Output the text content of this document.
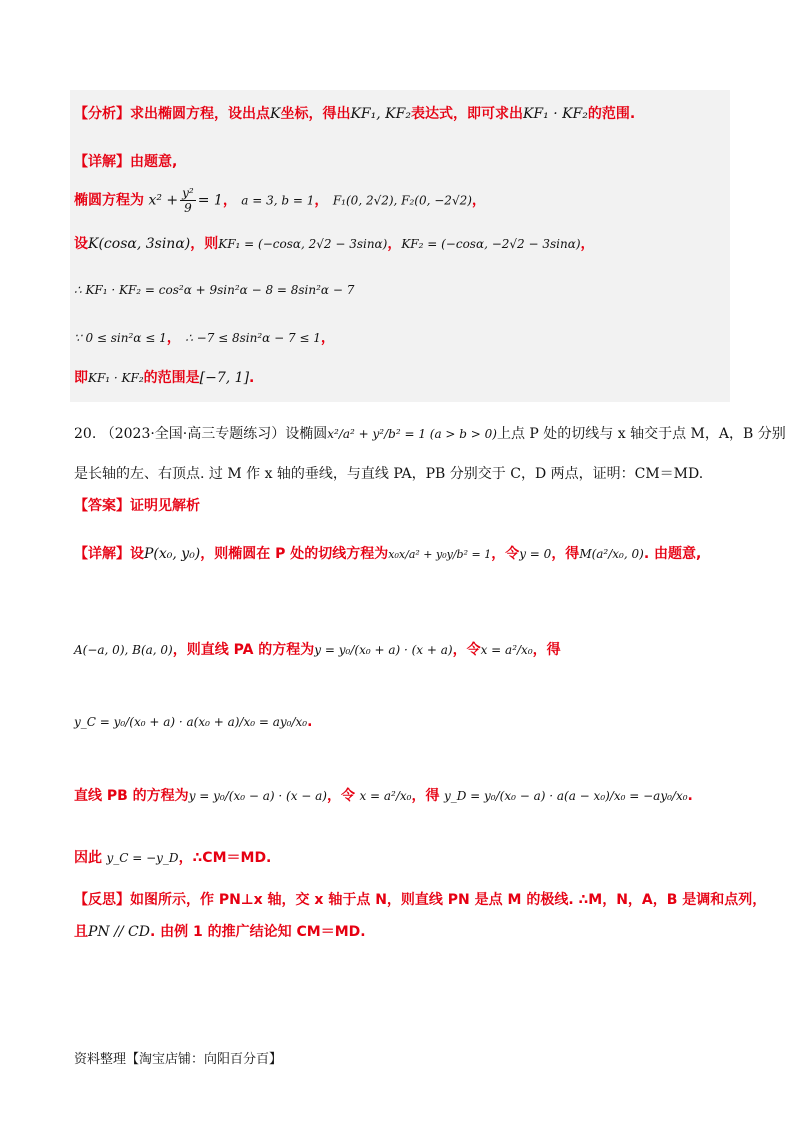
【分析】求出椭圆方程，设出点K坐标，得出KF₁, KF₂表达式，即可求出KF₁ · KF₂的范围.
【详解】由题意,
椭圆方程为 $x^2 + \frac{\text{y²}}{9} = 1$， a = 3, b = 1， F₁(0, 2√2), F₂(0, −2√2)，
设K(cosα, 3sinα)，则KF₁ = (−cosα, 2√2 − 3sinα)，KF₂ = (−cosα, −2√2 − 3sinα)，
∴ KF₁ · KF₂ = cos²α + 9sin²α − 8 = 8sin²α − 7
∵ 0 ≤ sin²α ≤ 1， ∴ −7 ≤ 8sin²α − 7 ≤ 1，
即KF₁ · KF₂的范围是[−7, 1].
20. （2023·全国·高三专题练习）设椭圆x²/a² + y²/b² = 1 (a > b > 0)上点 P 处的切线与 x 轴交于点 M，A，B 分别
是长轴的左、右顶点. 过 M 作 x 轴的垂线，与直线 PA，PB 分别交于 C，D 两点，证明：CM＝MD.
【答案】证明见解析
【详解】设P(x₀, y₀)，则椭圆在 P 处的切线方程为x₀x/a² + y₀y/b² = 1，令y = 0，得M(a²/x₀, 0). 由题意,
A(−a, 0), B(a, 0)，则直线 PA 的方程为y = y₀/(x₀ + a) · (x + a)，令x = a²/x₀，得
y_C = y₀/(x₀ + a) · a(x₀ + a)/x₀ = ay₀/x₀.
直线 PB 的方程为y = y₀/(x₀ − a) · (x − a)，令 x = a²/x₀，得 y_D = y₀/(x₀ − a) · a(a − x₀)/x₀ = −ay₀/x₀.
因此 y_C = −y_D，∴CM＝MD.
【反思】如图所示，作 PN⊥x 轴，交 x 轴于点 N，则直线 PN 是点 M 的极线. ∴M，N，A，B 是调和点列，
且PN // CD. 由例 1 的推广结论知 CM＝MD.
资料整理【淘宝店铺：向阳百分百】
